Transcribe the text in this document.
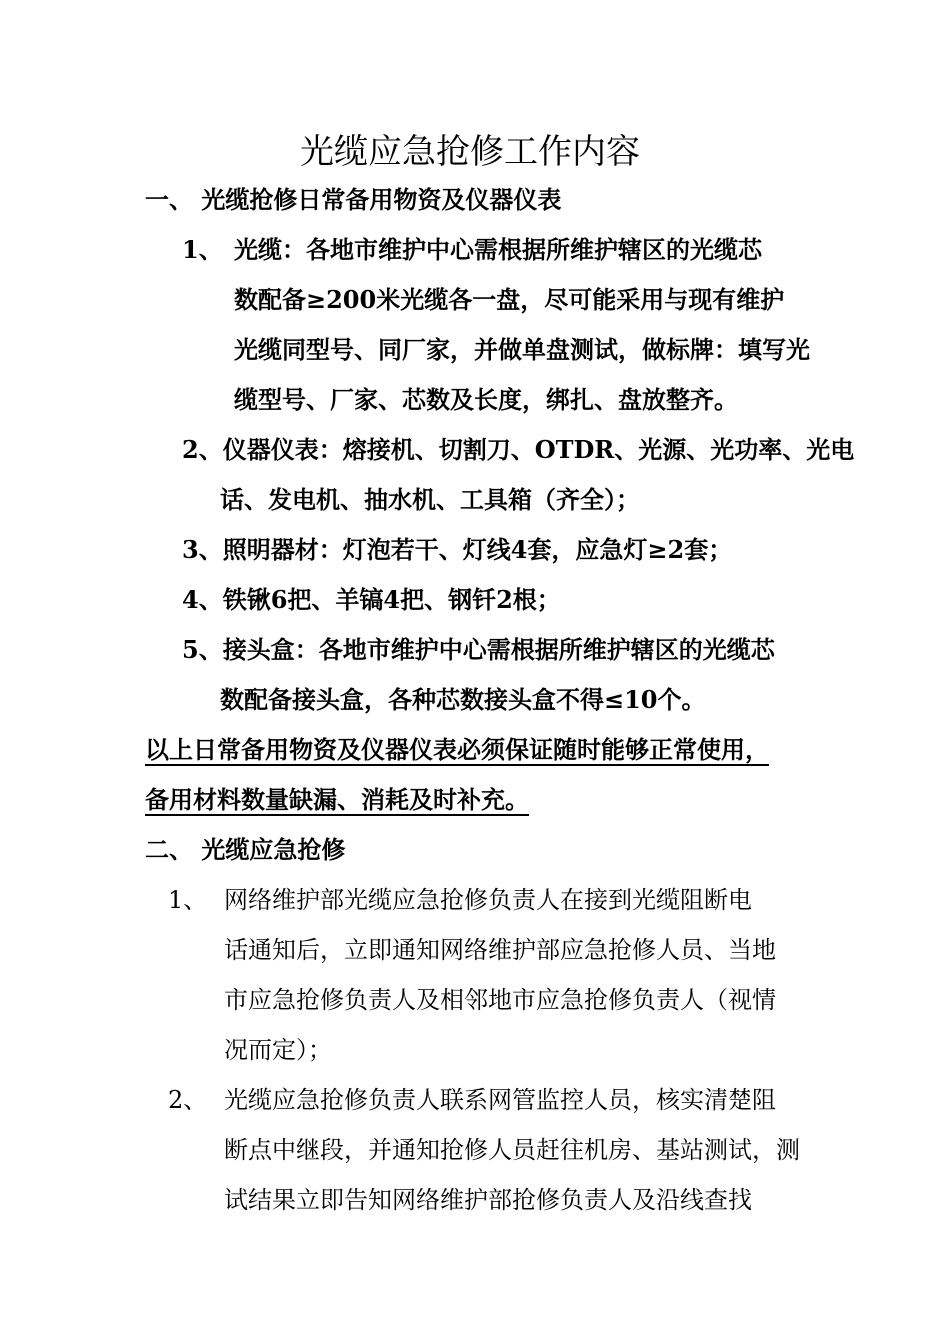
光缆应急抢修工作内容
一、 光缆抢修日常备用物资及仪器仪表
1、 光缆：各地市维护中心需根据所维护辖区的光缆芯
数配备≥200米光缆各一盘，尽可能采用与现有维护
光缆同型号、同厂家，并做单盘测试，做标牌：填写光
缆型号、厂家、芯数及长度，绑扎、盘放整齐。
2、仪器仪表：熔接机、切割刀、OTDR、光源、光功率、光电
话、发电机、抽水机、工具箱（齐全）；
3、照明器材：灯泡若干、灯线4套，应急灯≥2套；
4、铁锹6把、羊镐4把、钢钎2根；
5、接头盒：各地市维护中心需根据所维护辖区的光缆芯
数配备接头盒，各种芯数接头盒不得≤10个。
以上日常备用物资及仪器仪表必须保证随时能够正常使用，
备用材料数量缺漏、消耗及时补充。
二、 光缆应急抢修
1、 网络维护部光缆应急抢修负责人在接到光缆阻断电
话通知后，立即通知网络维护部应急抢修人员、当地
市应急抢修负责人及相邻地市应急抢修负责人（视情
况而定）；
2、 光缆应急抢修负责人联系网管监控人员，核实清楚阻
断点中继段，并通知抢修人员赶往机房、基站测试，测
试结果立即告知网络维护部抢修负责人及沿线查找
